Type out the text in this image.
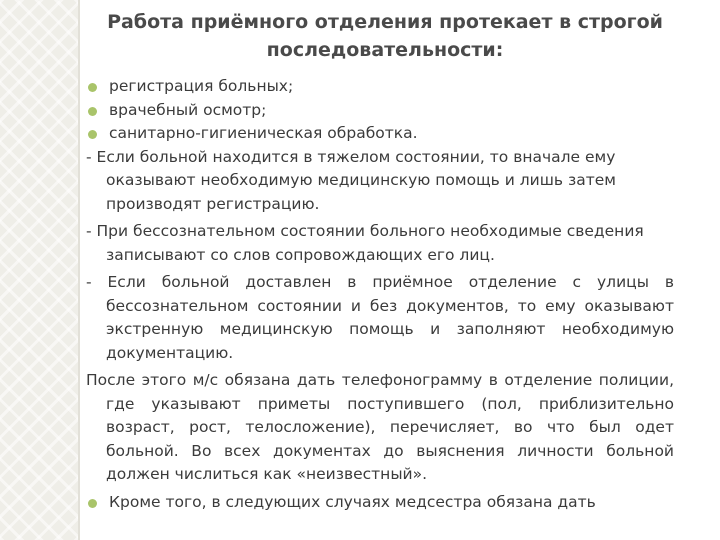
Работа приёмного отделения протекает в строгой
последовательности:
регистрация больных;
врачебный осмотр;
санитарно-гигиеническая обработка.
- Если больной находится в тяжелом состоянии, то вначале ему оказывают необходимую медицинскую помощь и лишь затем производят регистрацию.
- При бессознательном состоянии больного необходимые сведения записывают со слов сопровождающих его лиц.
- Если больной доставлен в приёмное отделение с улицы в бессознательном состоянии и без документов, то ему оказывают экстренную медицинскую помощь и заполняют необходимую документацию.
После этого м/с обязана дать телефонограмму в отделение полиции, где указывают приметы поступившего (пол, приблизительно возраст, рост, телосложение), перечисляет, во что был одет больной. Во всех документах до выяснения личности больной должен числиться как «неизвестный».
Кроме того, в следующих случаях медсестра обязана дать
